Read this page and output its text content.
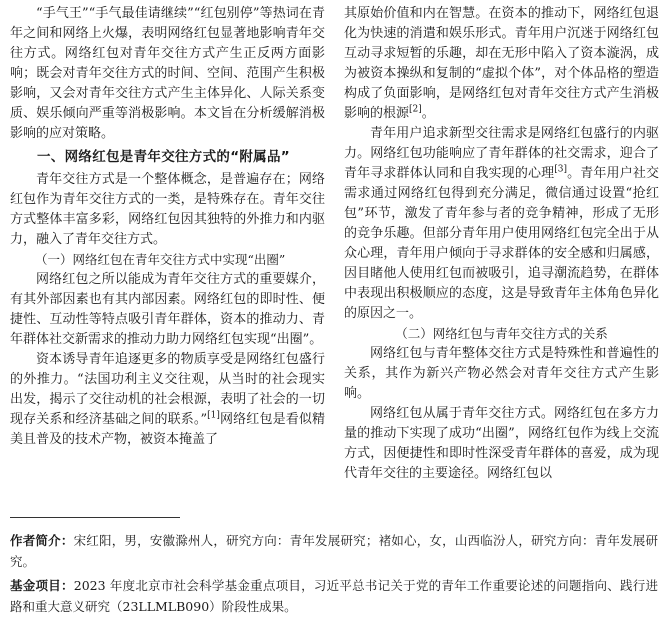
“手气王”“手气最佳请继续”“红包别停”等热词在青年之间和网络上火爆，表明网络红包显著地影响青年交往方式。网络红包对青年交往方式产生正反两方面影响；既会对青年交往方式的时间、空间、范围产生积极影响，又会对青年交往方式产生主体异化、人际关系变质、娱乐倾向严重等消极影响。本文旨在分析缓解消极影响的应对策略。

一、网络红包是青年交往方式的“附属品”

青年交往方式是一个整体概念，是普遍存在；网络红包作为青年交往方式的一类，是特殊存在。青年交往方式整体丰富多彩，网络红包因其独特的外推力和内驱力，融入了青年交往方式。

（一）网络红包在青年交往方式中实现“出圈”

网络红包之所以能成为青年交往方式的重要媒介，有其外部因素也有其内部因素。网络红包的即时性、便捷性、互动性等特点吸引青年群体，资本的推动力、青年群体社交新需求的推动力助力网络红包实现“出圈”。

资本诱导青年追逐更多的物质享受是网络红包盛行的外推力。“法国功利主义交往观，从当时的社会现实出发，揭示了交往动机的社会根源，表明了社会的一切现存关系和经济基础之间的联系。”[1]网络红包是看似精美且普及的技术产物，被资本掩盖了

其原始价值和内在智慧。在资本的推动下，网络红包退化为快速的消遣和娱乐形式。青年用户沉迷于网络红包互动寻求短暂的乐趣，却在无形中陷入了资本漩涡，成为被资本操纵和复制的“虚拟个体”，对个体品格的塑造构成了负面影响，是网络红包对青年交往方式产生消极影响的根源[2]。

青年用户追求新型交往需求是网络红包盛行的内驱力。网络红包功能响应了青年群体的社交需求，迎合了青年寻求群体认同和自我实现的心理[3]。青年用户社交需求通过网络红包得到充分满足，微信通过设置“抢红包”环节，激发了青年参与者的竞争精神，形成了无形的竞争乐趣。但部分青年用户使用网络红包完全出于从众心理，青年用户倾向于寻求群体的安全感和归属感，因目睹他人使用红包而被吸引，追寻潮流趋势，在群体中表现出积极顺应的态度，这是导致青年主体角色异化的原因之一。

（二）网络红包与青年交往方式的关系

网络红包与青年整体交往方式是特殊性和普遍性的关系，其作为新兴产物必然会对青年交往方式产生影响。

网络红包从属于青年交往方式。网络红包在多方力量的推动下实现了成功“出圈”，网络红包作为线上交流方式，因便捷性和即时性深受青年群体的喜爱，成为现代青年交往的主要途径。网络红包以

作者简介：宋红阳，男，安徽滁州人，研究方向：青年发展研究；褚如心，女，山西临汾人，研究方向：青年发展研究。

基金项目：2023 年度北京市社会科学基金重点项目，习近平总书记关于党的青年工作重要论述的问题指向、践行进路和重大意义研究（23LLMLB090）阶段性成果。
